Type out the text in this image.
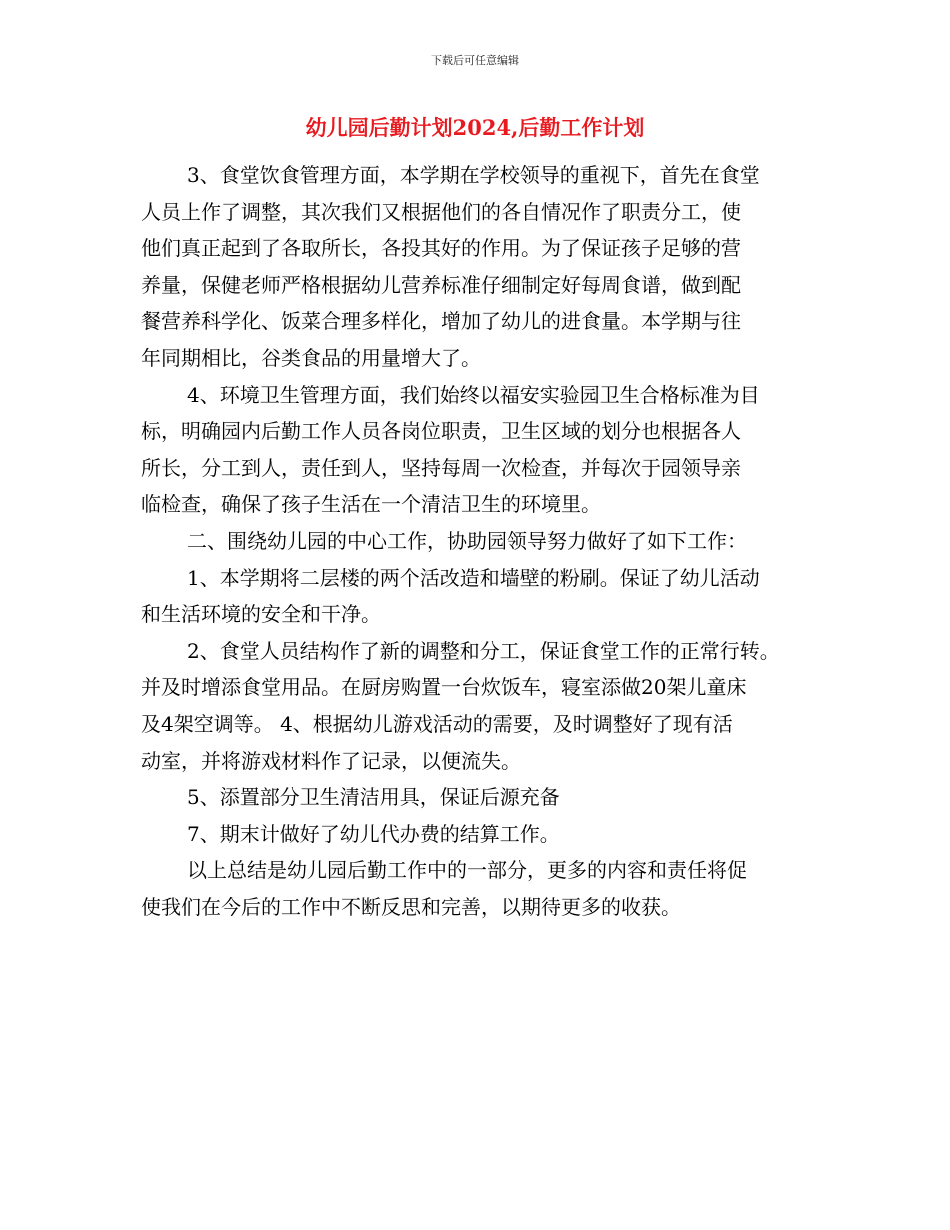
下载后可任意编辑
幼儿园后勤计划2024,后勤工作计划
3、食堂饮食管理方面，本学期在学校领导的重视下，首先在食堂
人员上作了调整，其次我们又根据他们的各自情况作了职责分工，使
他们真正起到了各取所长，各投其好的作用。为了保证孩子足够的营
养量，保健老师严格根据幼儿营养标准仔细制定好每周食谱，做到配
餐营养科学化、饭菜合理多样化，增加了幼儿的进食量。本学期与往
年同期相比，谷类食品的用量增大了。
4、环境卫生管理方面，我们始终以福安实验园卫生合格标准为目
标，明确园内后勤工作人员各岗位职责，卫生区域的划分也根据各人
所长，分工到人，责任到人，坚持每周一次检查，并每次于园领导亲
临检查，确保了孩子生活在一个清洁卫生的环境里。
二、围绕幼儿园的中心工作，协助园领导努力做好了如下工作：
1、本学期将二层楼的两个活改造和墙壁的粉刷。保证了幼儿活动
和生活环境的安全和干净。
2、食堂人员结构作了新的调整和分工，保证食堂工作的正常行转。
并及时增添食堂用品。在厨房购置一台炊饭车，寝室添做20架儿童床
及4架空调等。 4、根据幼儿游戏活动的需要，及时调整好了现有活
动室，并将游戏材料作了记录，以便流失。
5、添置部分卫生清洁用具，保证后源充备
7、期末计做好了幼儿代办费的结算工作。
以上总结是幼儿园后勤工作中的一部分，更多的内容和责任将促
使我们在今后的工作中不断反思和完善，以期待更多的收获。
